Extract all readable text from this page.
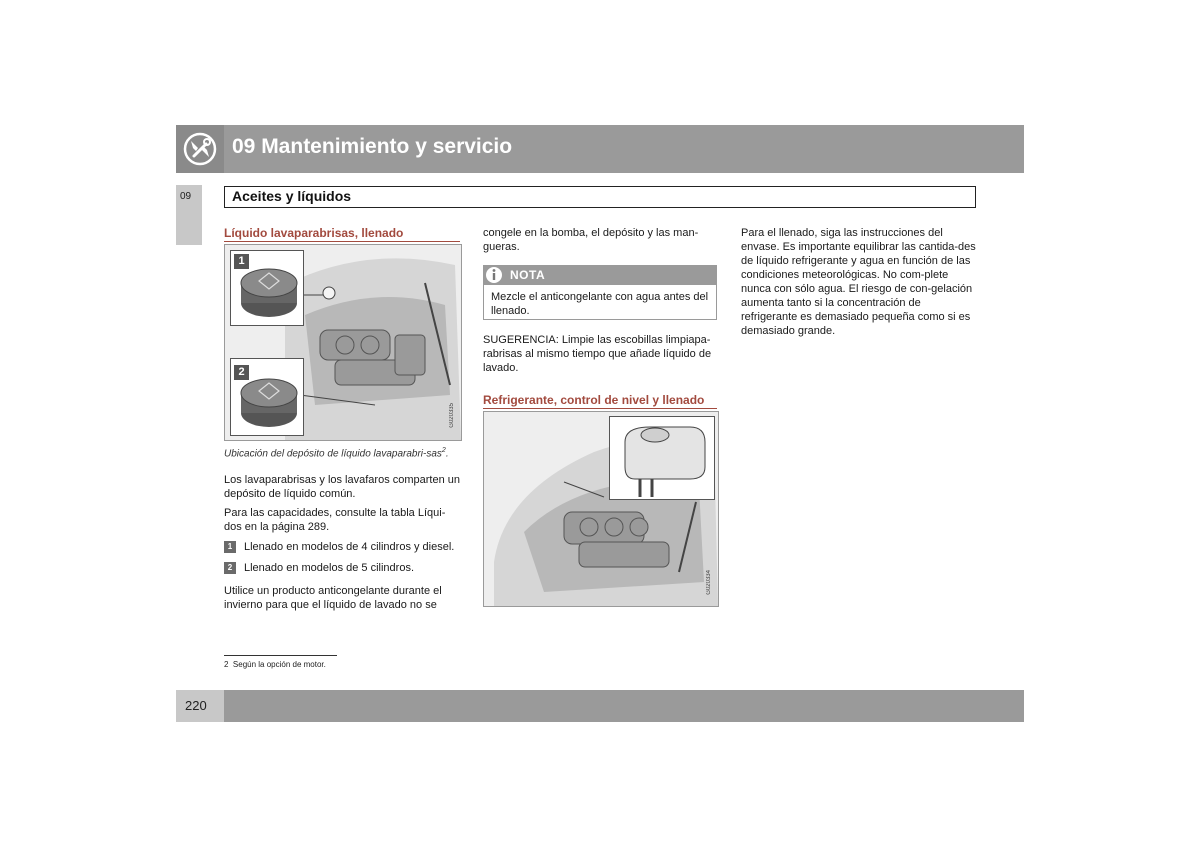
09 Mantenimiento y servicio
09	Aceites y líquidos
Líquido lavaparabrisas, llenado
1
2
G020335
Ubicación del depósito de líquido lavaparabri-sas$^2$.
Los lavaparabrisas y los lavafaros comparten un depósito de líquido común.
Para las capacidades, consulte la tabla Líqui-dos en la página 289.
1	Llenado en modelos de 4 cilindros y diesel.
2	Llenado en modelos de 5 cilindros.
Utilice un producto anticongelante durante el invierno para que el líquido de lavado no se
congele en la bomba, el depósito y las man-gueras.
NOTA
Mezcle el anticongelante con agua antes del llenado.
SUGERENCIA: Limpie las escobillas limpiapa-rabrisas al mismo tiempo que añade líquido de lavado.
Refrigerante, control de nivel y llenado
G020334
Para el llenado, siga las instrucciones del envase. Es importante equilibrar las cantida-des de líquido refrigerante y agua en función de las condiciones meteorológicas. No com-plete nunca con sólo agua. El riesgo de con-gelación aumenta tanto si la concentración de refrigerante es demasiado pequeña como si es demasiado grande.
2 Según la opción de motor.
220
